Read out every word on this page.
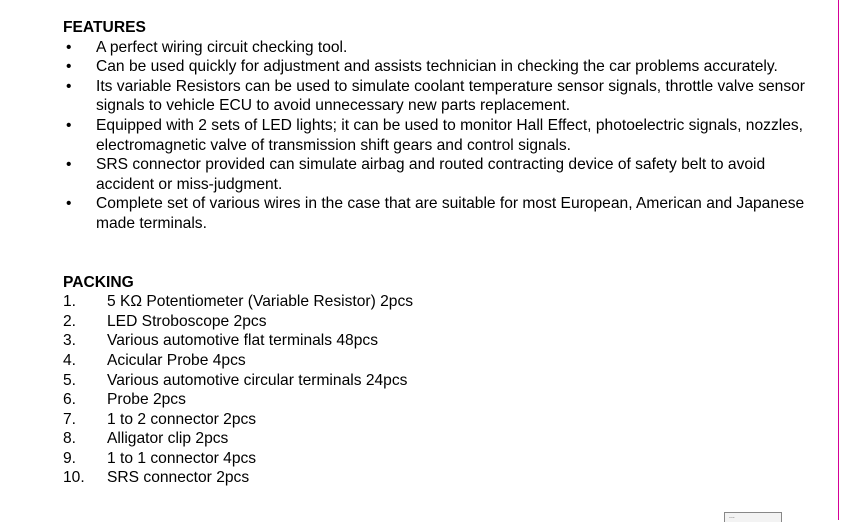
FEATURES
• A perfect wiring circuit checking tool.
• Can be used quickly for adjustment and assists technician in checking the car problems accurately.
• Its variable Resistors can be used to simulate coolant temperature sensor signals, throttle valve sensor signals to vehicle ECU to avoid unnecessary new parts replacement.
• Equipped with 2 sets of LED lights; it can be used to monitor Hall Effect, photoelectric signals, nozzles, electromagnetic valve of transmission shift gears and control signals.
• SRS connector provided can simulate airbag and routed contracting device of safety belt to avoid accident or miss-judgment.
• Complete set of various wires in the case that are suitable for most European, American and Japanese made terminals.
PACKING
1. 5 KΩ Potentiometer (Variable Resistor) 2pcs
2. LED Stroboscope 2pcs
3. Various automotive flat terminals 48pcs
4. Acicular Probe 4pcs
5. Various automotive circular terminals 24pcs
6. Probe 2pcs
7. 1 to 2 connector 2pcs
8. Alligator clip 2pcs
9. 1 to 1 connector 4pcs
10. SRS connector 2pcs
...
